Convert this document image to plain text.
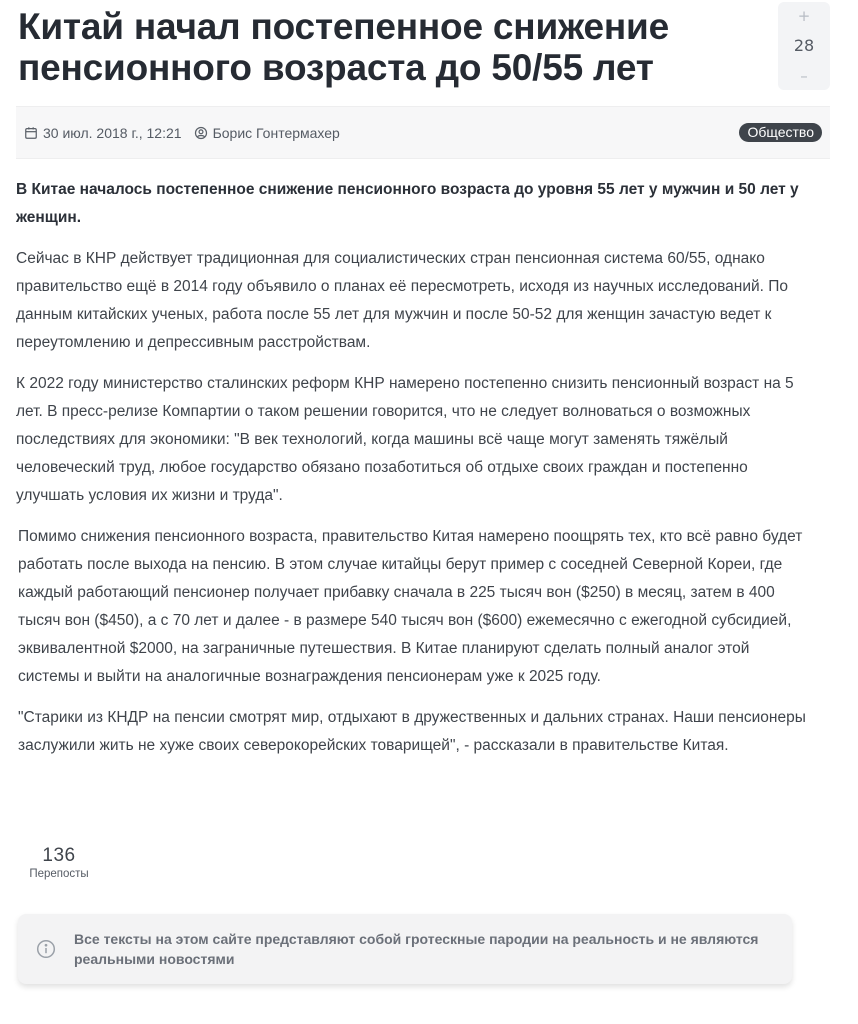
Китай начал постепенное снижение пенсионного возраста до 50/55 лет
+
28
–
30 июл. 2018 г., 12:21 Борис Гонтермахер	Общество

В Китае началось постепенное снижение пенсионного возраста до уровня 55 лет у мужчин и 50 лет у женщин.

Сейчас в КНР действует традиционная для социалистических стран пенсионная система 60/55, однако правительство ещё в 2014 году объявило о планах её пересмотреть, исходя из научных исследований. По данным китайских ученых, работа после 55 лет для мужчин и после 50-52 для женщин зачастую ведет к переутомлению и депрессивным расстройствам.

К 2022 году министерство сталинских реформ КНР намерено постепенно снизить пенсионный возраст на 5 лет. В пресс-релизе Компартии о таком решении говорится, что не следует волноваться о возможных последствиях для экономики: "В век технологий, когда машины всё чаще могут заменять тяжёлый человеческий труд, любое государство обязано позаботиться об отдыхе своих граждан и постепенно улучшать условия их жизни и труда".

Помимо снижения пенсионного возраста, правительство Китая намерено поощрять тех, кто всё равно будет работать после выхода на пенсию. В этом случае китайцы берут пример с соседней Северной Кореи, где каждый работающий пенсионер получает прибавку сначала в 225 тысяч вон ($250) в месяц, затем в 400 тысяч вон ($450), а с 70 лет и далее - в размере 540 тысяч вон ($600) ежемесячно с ежегодной субсидией, эквивалентной $2000, на заграничные путешествия. В Китае планируют сделать полный аналог этой системы и выйти на аналогичные вознаграждения пенсионерам уже к 2025 году.

"Старики из КНДР на пенсии смотрят мир, отдыхают в дружественных и дальних странах. Наши пенсионеры заслужили жить не хуже своих северокорейских товарищей", - рассказали в правительстве Китая.

136
Перепосты
Все тексты на этом сайте представляют собой гротескные пародии на реальность и не являются реальными новостями
